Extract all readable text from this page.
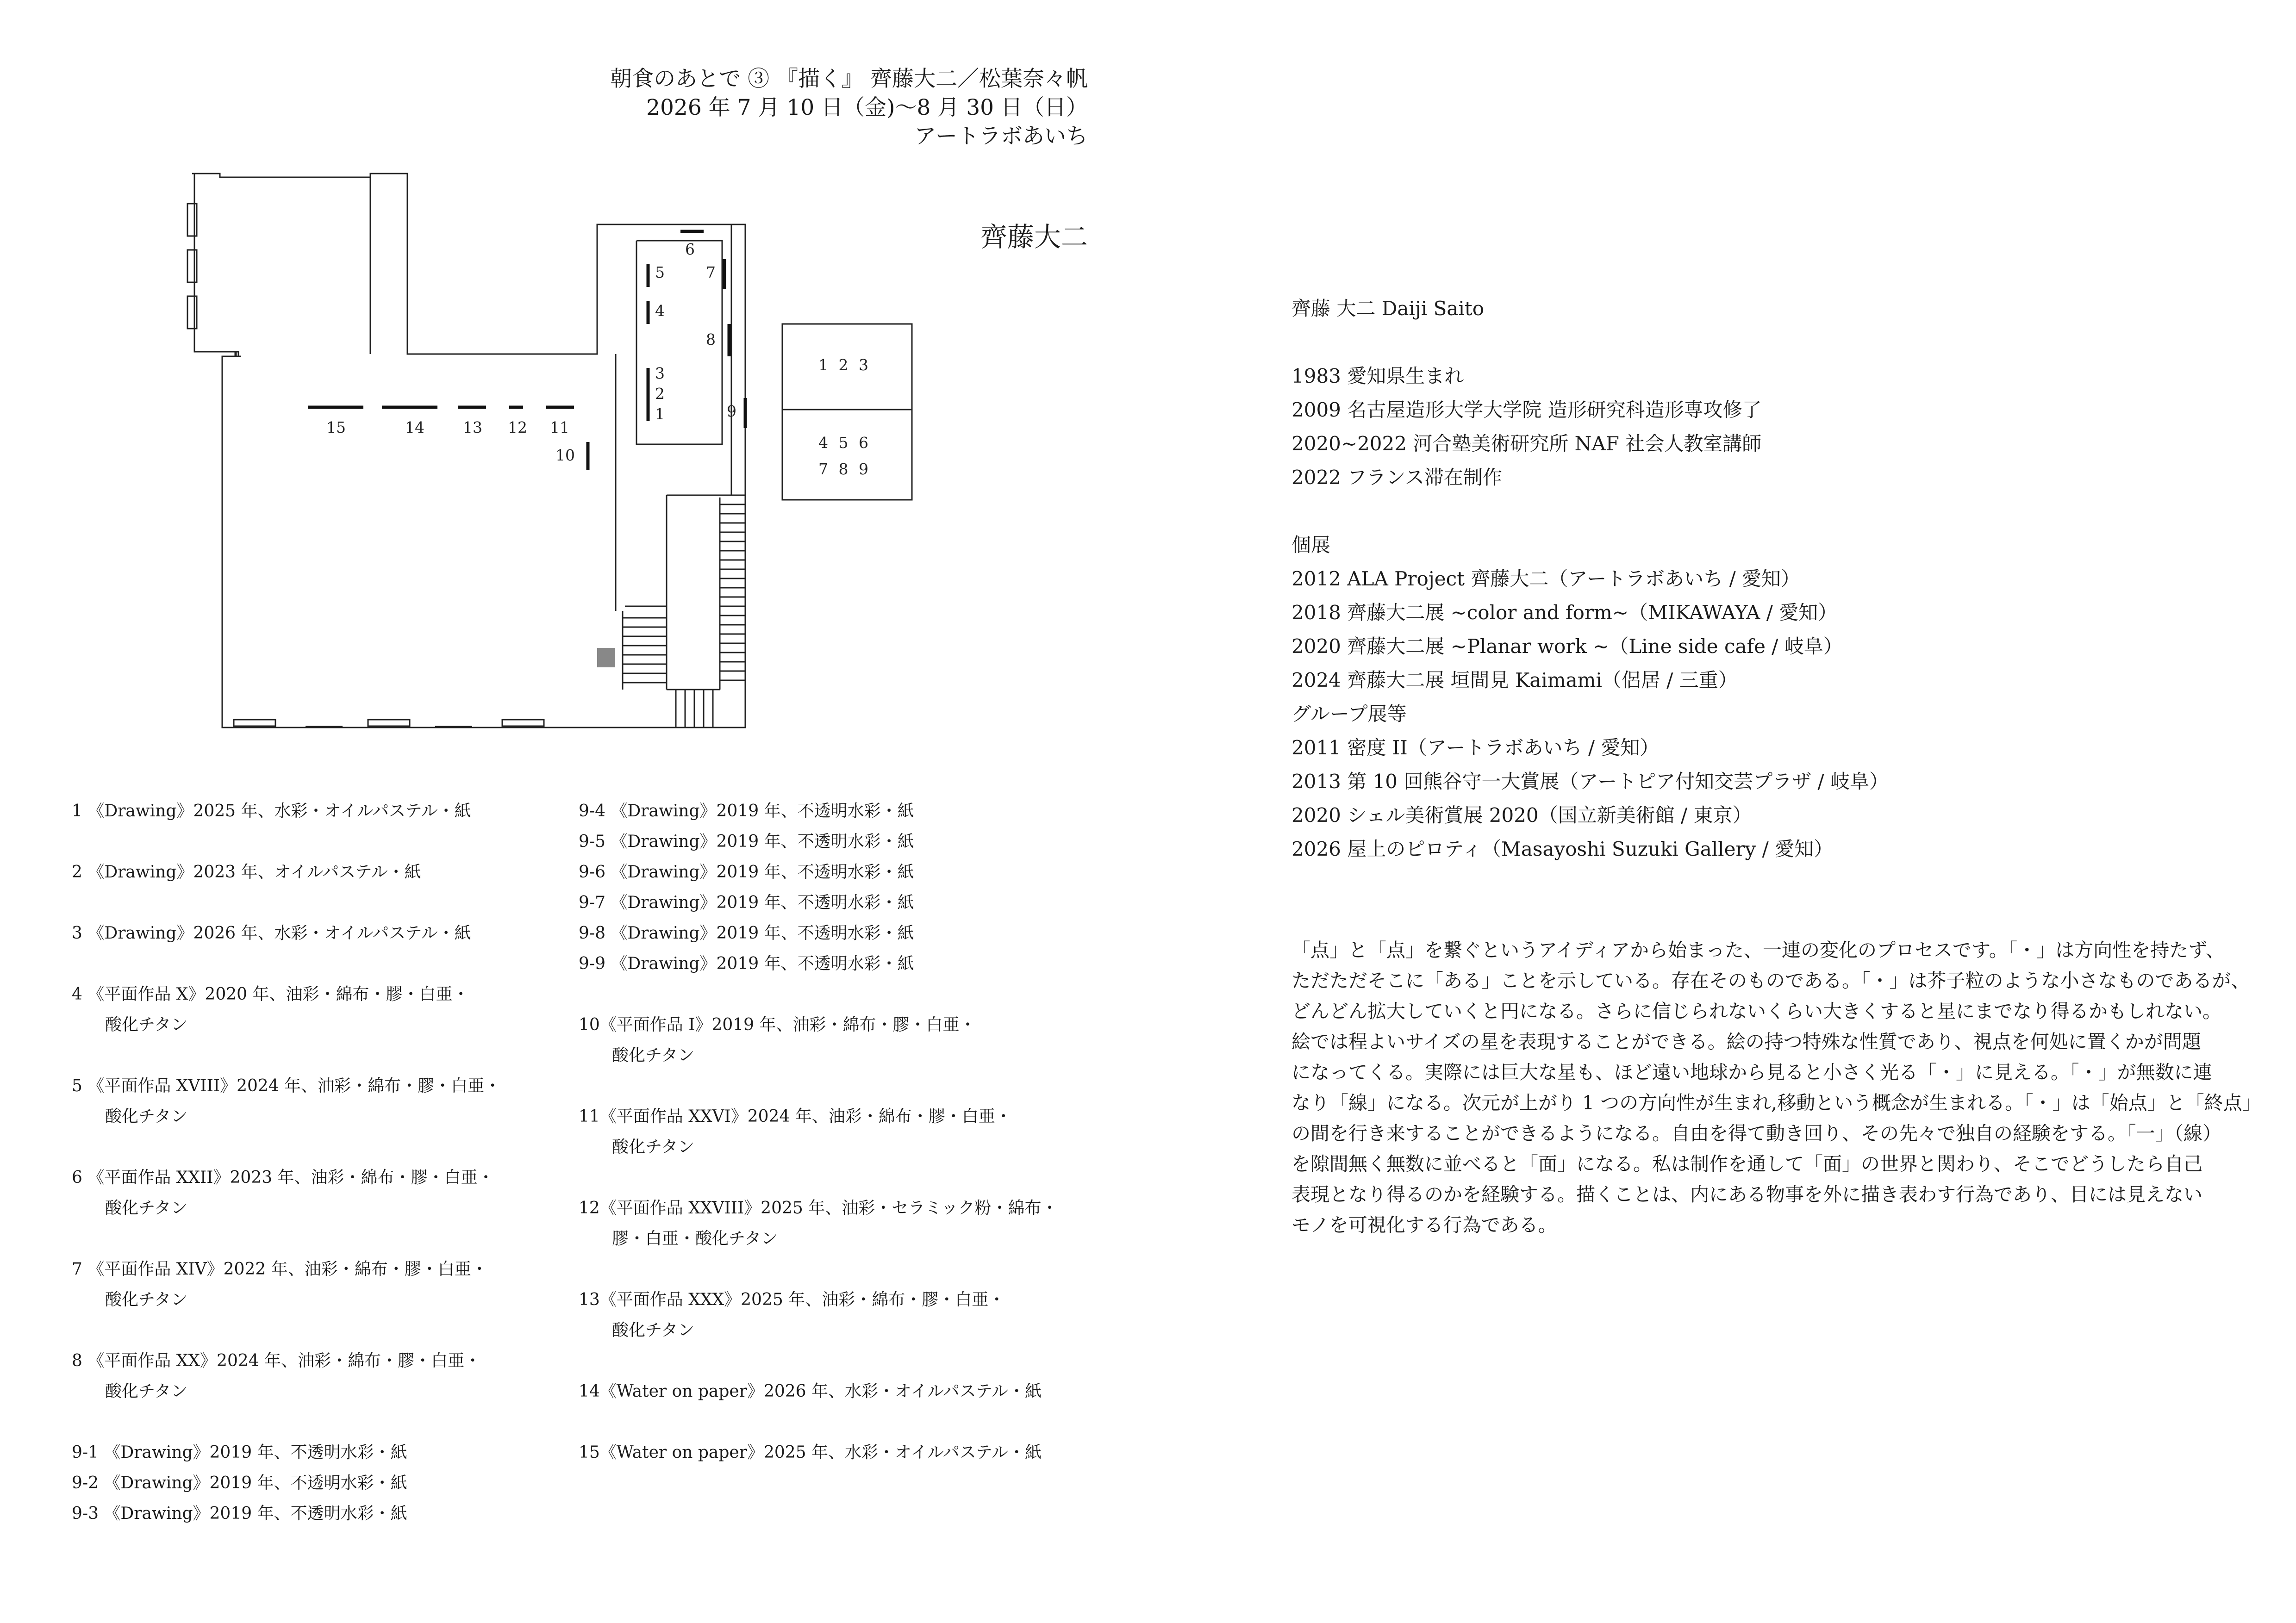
朝食のあとで ③ 『描く』 齊藤大二／松葉奈々帆
2026 年 7 月 10 日（金)〜8 月 30 日（日）
アートラボあいち
齊藤大二
15	14	13 12 11
10
6
5	7
4
8
3
2
1	9
1 2 3
4 5 6
7 8 9
1 《Drawing》2025 年、水彩・オイルパステル・紙
2 《Drawing》2023 年、オイルパステル・紙
3 《Drawing》2026 年、水彩・オイルパステル・紙
4 《平面作品 X》2020 年、油彩・綿布・膠・白亜・
酸化チタン
5 《平面作品 XVIII》2024 年、油彩・綿布・膠・白亜・
酸化チタン
6 《平面作品 XXII》2023 年、油彩・綿布・膠・白亜・
酸化チタン
7 《平面作品 XIV》2022 年、油彩・綿布・膠・白亜・
酸化チタン
8 《平面作品 XX》2024 年、油彩・綿布・膠・白亜・
酸化チタン
9-1 《Drawing》2019 年、不透明水彩・紙
9-2 《Drawing》2019 年、不透明水彩・紙
9-3 《Drawing》2019 年、不透明水彩・紙
9-4 《Drawing》2019 年、不透明水彩・紙
9-5 《Drawing》2019 年、不透明水彩・紙
9-6 《Drawing》2019 年、不透明水彩・紙
9-7 《Drawing》2019 年、不透明水彩・紙
9-8 《Drawing》2019 年、不透明水彩・紙
9-9 《Drawing》2019 年、不透明水彩・紙
10《平面作品 I》2019 年、油彩・綿布・膠・白亜・
酸化チタン
11《平面作品 XXVI》2024 年、油彩・綿布・膠・白亜・
酸化チタン
12《平面作品 XXVIII》2025 年、油彩・セラミック粉・綿布・
膠・白亜・酸化チタン
13《平面作品 XXX》2025 年、油彩・綿布・膠・白亜・
酸化チタン
14《Water on paper》2026 年、水彩・オイルパステル・紙
15《Water on paper》2025 年、水彩・オイルパステル・紙
齊藤 大二 Daiji Saito
1983 愛知県生まれ
2009 名古屋造形大学大学院 造形研究科造形専攻修了
2020~2022 河合塾美術研究所 NAF 社会人教室講師
2022 フランス滞在制作
個展
2012 ALA Project 齊藤大二（アートラボあいち / 愛知）
2018 齊藤大二展 ~color and form~（MIKAWAYA / 愛知）
2020 齊藤大二展 ~Planar work ~（Line side cafe / 岐阜）
2024 齊藤大二展 垣間見 Kaimami（侶居 / 三重）
グループ展等
2011 密度 II（アートラボあいち / 愛知）
2013 第 10 回熊谷守一大賞展（アートピア付知交芸プラザ / 岐阜）
2020 シェル美術賞展 2020（国立新美術館 / 東京）
2026 屋上のピロティ（Masayoshi Suzuki Gallery / 愛知）
「点」と「点」を繋ぐというアイディアから始まった、一連の変化のプロセスです。「・」は方向性を持たず、
ただただそこに「ある」ことを示している。存在そのものである。「・」は芥子粒のような小さなものであるが、
どんどん拡大していくと円になる。さらに信じられないくらい大きくすると星にまでなり得るかもしれない。
絵では程よいサイズの星を表現することができる。絵の持つ特殊な性質であり、視点を何処に置くかが問題
になってくる。実際には巨大な星も、ほど遠い地球から見ると小さく光る「・」に見える。「・」が無数に連
なり「線」になる。次元が上がり 1 つの方向性が生まれ,移動という概念が生まれる。「・」は「始点」と「終点」
の間を行き来することができるようになる。自由を得て動き回り、その先々で独自の経験をする。「一」（線）
を隙間無く無数に並べると「面」になる。私は制作を通して「面」の世界と関わり、そこでどうしたら自己
表現となり得るのかを経験する。描くことは、内にある物事を外に描き表わす行為であり、目には見えない
モノを可視化する行為である。
